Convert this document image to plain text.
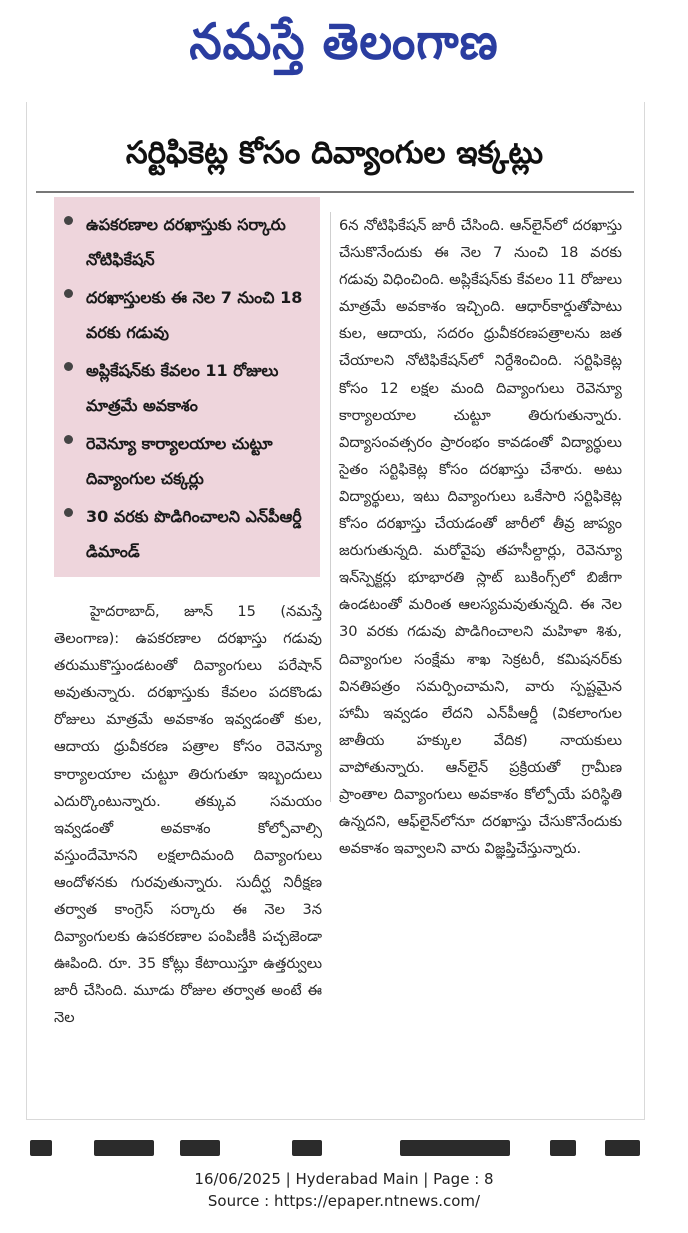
నమస్తే తెలంగాణ
సర్టిఫికెట్ల కోసం దివ్యాంగుల ఇక్కట్లు
ఉపకరణాల దరఖాస్తుకు సర్కారు నోటిఫికేషన్
దరఖాస్తులకు ఈ నెల 7 నుంచి 18 వరకు గడువు
అప్లికేషన్‌కు కేవలం 11 రోజులు మాత్రమే అవకాశం
రెవెన్యూ కార్యాలయాల చుట్టూ దివ్యాంగుల చక్కర్లు
30 వరకు పొడిగించాలని ఎన్‌పీఆర్డీ డిమాండ్
హైదరాబాద్, జూన్ 15 (నమస్తే తెలంగాణ): ఉపకరణాల దరఖాస్తు గడువు తరుముకొస్తుండటంతో దివ్యాంగులు పరేషాన్ అవుతున్నారు. దరఖాస్తుకు కేవలం పదకొండు రోజులు మాత్రమే అవకాశం ఇవ్వడంతో కుల, ఆదాయ ధ్రువీకరణ పత్రాల కోసం రెవెన్యూ కార్యాలయాల చుట్టూ తిరుగుతూ ఇబ్బందులు ఎదుర్కొంటున్నారు. తక్కువ సమయం ఇవ్వడంతో అవకాశం కోల్పోవాల్సి వస్తుందేమోనని లక్షలాదిమంది దివ్యాంగులు ఆందోళనకు గురవుతున్నారు. సుదీర్ఘ నిరీక్షణ తర్వాత కాంగ్రెస్ సర్కారు ఈ నెల 3న దివ్యాంగులకు ఉపకరణాల పంపిణీకి పచ్చజెండా ఊపింది. రూ. 35 కోట్లు కేటాయిస్తూ ఉత్తర్వులు జారీ చేసింది. మూడు రోజుల తర్వాత అంటే ఈ నెల
6న నోటిఫికేషన్ జారీ చేసింది. ఆన్‌లైన్‌లో దరఖాస్తు చేసుకొనేందుకు ఈ నెల 7 నుంచి 18 వరకు గడువు విధించింది. అప్లికేషన్‌కు కేవలం 11 రోజులు మాత్రమే అవకాశం ఇచ్చింది. ఆధార్‌కార్డుతోపాటు కుల, ఆదాయ, సదరం ధ్రువీకరణపత్రాలను జత చేయాలని నోటిఫికేషన్‌లో నిర్దేశించింది. సర్టిఫికెట్ల కోసం 12 లక్షల మంది దివ్యాంగులు రెవెన్యూ కార్యాలయాల చుట్టూ తిరుగుతున్నారు. విద్యాసంవత్సరం ప్రారంభం కావడంతో విద్యార్థులు సైతం సర్టిఫికెట్ల కోసం దరఖాస్తు చేశారు. అటు విద్యార్థులు, ఇటు దివ్యాంగులు ఒకేసారి సర్టిఫికెట్ల కోసం దరఖాస్తు చేయడంతో జారీలో తీవ్ర జాప్యం జరుగుతున్నది. మరోవైపు తహసీల్దార్లు, రెవెన్యూ ఇన్‌స్పెక్టర్లు భూభారతి స్లాట్ బుకింగ్స్‌లో బిజీగా ఉండటంతో మరింత ఆలస్యమవుతున్నది. ఈ నెల 30 వరకు గడువు పొడిగించాలని మహిళా శిశు, దివ్యాంగుల సంక్షేమ శాఖ సెక్రటరీ, కమిషనర్‌కు వినతిపత్రం సమర్పించామని, వారు స్పష్టమైన హామీ ఇవ్వడం లేదని ఎన్‌పీఆర్డీ (వికలాంగుల జాతీయ హక్కుల వేదిక) నాయకులు వాపోతున్నారు. ఆన్‌లైన్ ప్రక్రియతో గ్రామీణ ప్రాంతాల దివ్యాంగులు అవకాశం కోల్పోయే పరిస్థితి ఉన్నదని, ఆఫ్‌లైన్‌లోనూ దరఖాస్తు చేసుకొనేందుకు అవకాశం ఇవ్వాలని వారు విజ్ఞప్తిచేస్తున్నారు.
16/06/2025 | Hyderabad Main | Page : 8
Source : https://epaper.ntnews.com/
